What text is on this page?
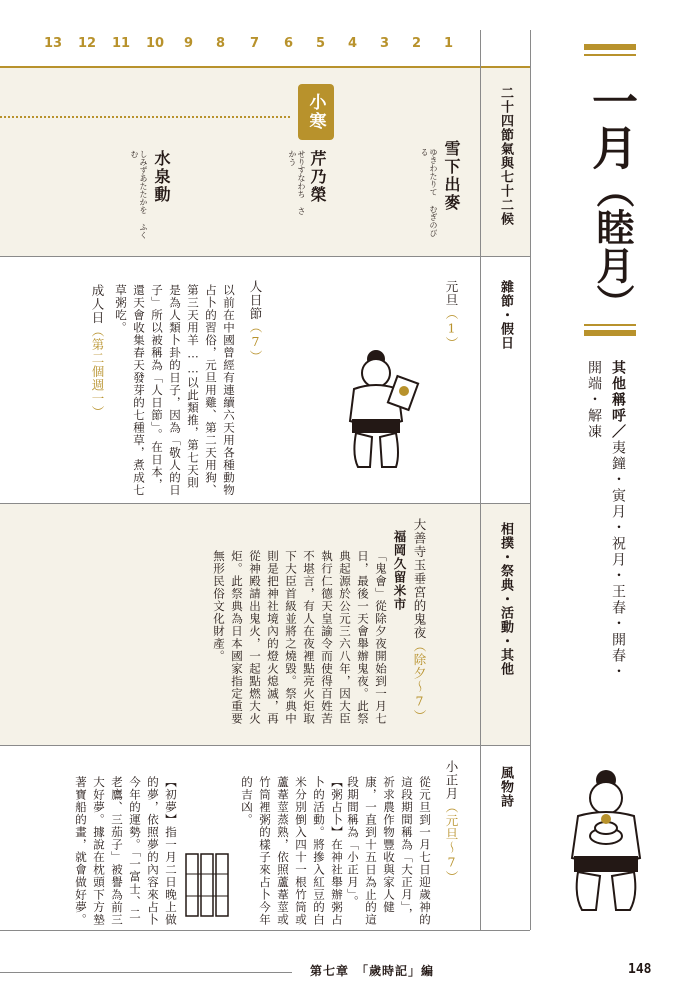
13 12 11 10 9 8 7 6 5 4 3 2 1
二十四節氣與七十二候
雜節・假日
相撲・祭典・活動・其他
風物詩
小寒
雪下出麥
ゆきわたりて むぎのびる
芹乃榮
せりすなわち さかう
水泉動
しみずあたたかを ふくむ
元旦（1）
人日節（7）
以前在中國曾經有連續六天用各種動物占卜的習俗，元旦用雞、第二天用狗、第三天用羊……以此類推，第七天則是為人類卜卦的日子，因為「敬人的日子」所以被稱為「人日節」。在日本，還天會收集春天發芽的七種草，煮成七草粥吃。
成人日（第二個週一）
大善寺玉垂宮的鬼夜（除夕～7）
福岡久留米市
「鬼會」從除夕夜開始到一月七日，最後一天會舉辦鬼夜。此祭典起源於公元三六八年，因大臣執行仁德天皇諭令而使得百姓苦不堪言，有人在夜裡點亮火炬取下大臣首級並將之燒毀。祭典中則是把神社境內的燈火熄滅，再從神殿請出鬼火，一起點燃大火炬。此祭典為日本國家指定重要無形民俗文化財產。
小正月（元旦～7）
從元旦到一月七日迎歲神的這段期間稱為「大正月」，祈求農作物豐收與家人健康，一直到十五日為止的這段期間稱為「小正月」。
【粥占卜】在神社舉辦粥占卜的活動。將摻入紅豆的白米分別倒入四十一根竹筒或蘆葦莖蒸熟，依照蘆葦莖或竹筒裡粥的樣子來占卜今年的吉凶。
【初夢】指一月二日晚上做的夢，依照夢的內容來占卜今年的運勢。「一富士、二老鷹、三茄子」被譽為前三大好夢。據說在枕頭下方墊著寶船的畫，就會做好夢。
一月（睦月）
其他稱呼／夷鐘・寅月・祝月・王春・開春・開端・解凍
第七章　「歲時記」編	148
